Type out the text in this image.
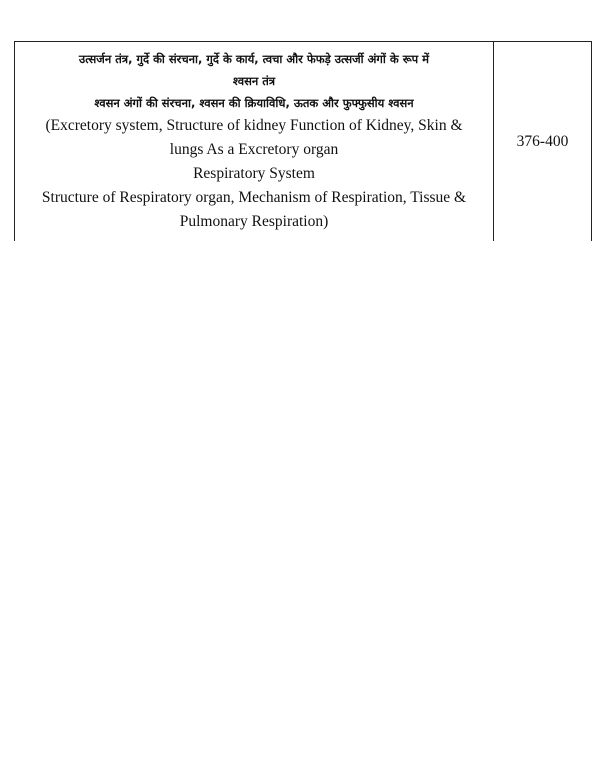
उत्सर्जन तंत्र, गुर्दे की संरचना, गुर्दे के कार्य, त्वचा और फेफड़े उत्सर्जी अंगों के रूप में
श्वसन तंत्र
श्वसन अंगों की संरचना, श्वसन की क्रियाविधि, ऊतक और फुफ्फुसीय श्वसन
(Excretory system, Structure of kidney Function of Kidney, Skin &
lungs As a Excretory organ
Respiratory System
Structure of Respiratory organ, Mechanism of Respiration, Tissue &
Pulmonary Respiration)
376-400
